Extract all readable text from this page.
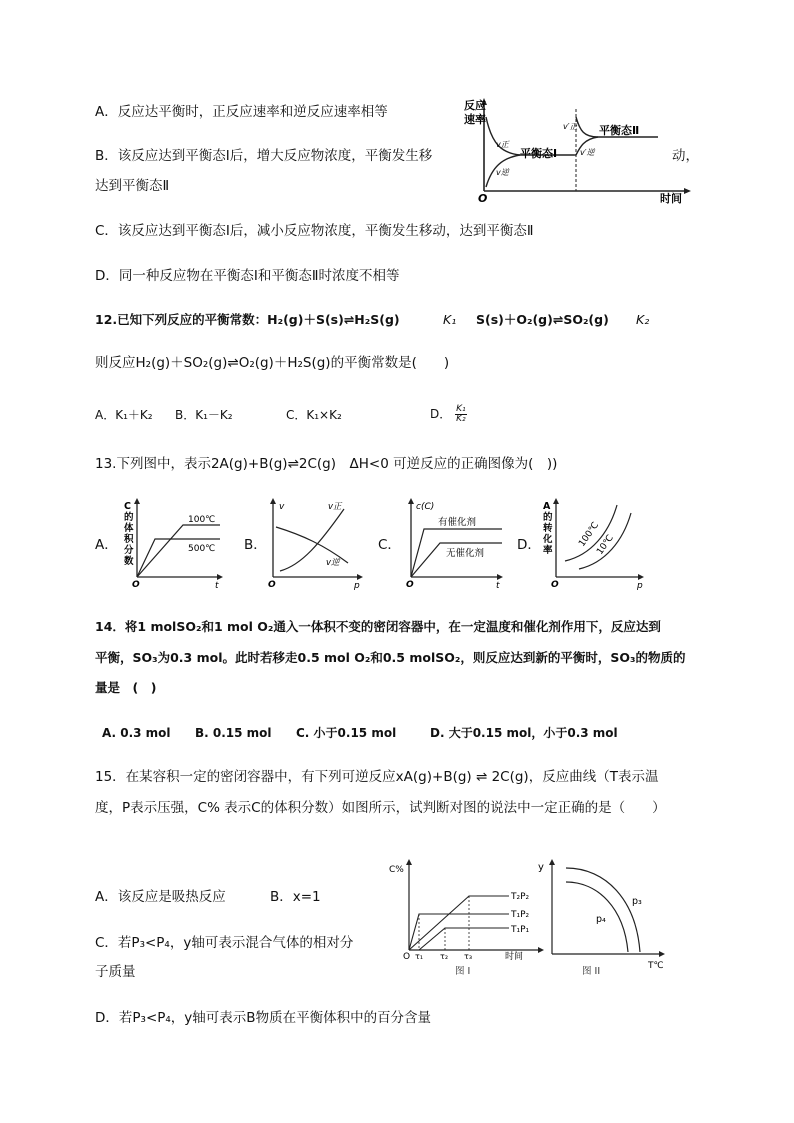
A．反应达平衡时，正反应速率和逆反应速率相等
B．该反应达到平衡态Ⅰ后，增大反应物浓度，平衡发生移	动，
达到平衡态Ⅱ
反应
速率
O	时间
平衡态Ⅰ
v正
v逆
v′正
v′逆
平衡态Ⅱ
C．该反应达到平衡态Ⅰ后，减小反应物浓度，平衡发生移动，达到平衡态Ⅱ
D．同一种反应物在平衡态Ⅰ和平衡态Ⅱ时浓度不相等
12.已知下列反应的平衡常数：H₂(g)＋S(s)⇌H₂S(g)	K₁ S(s)＋O₂(g)⇌SO₂(g) K₂
则反应H₂(g)＋SO₂(g)⇌O₂(g)＋H₂S(g)的平衡常数是(　　)
A．K₁＋K₂ B．K₁－K₂	C．K₁×K₂	D． $\frac{\text{K₁}}{\text{K₂}}$
13.下列图中，表示2A(g)+B(g)⇌2C(g)　ΔH<0 可逆反应的正确图像为(　))
A．
C
的
体
积
分
数
100℃
500℃
O	t
B．
v	v正
v逆
O	p
C．
c(C)
有催化剂
无催化剂
O	t
D．
A
的
转
化
率
100℃
10℃
O	p
14．将1 molSO₂和1 mol O₂通入一体积不变的密闭容器中，在一定温度和催化剂作用下，反应达到
平衡，SO₃为0.3 mol。此时若移走0.5 mol O₂和0.5 molSO₂，则反应达到新的平衡时，SO₃的物质的
量是　(　)
A. 0.3 mol B. 0.15 mol C. 小于0.15 mol	D. 大于0.15 mol，小于0.3 mol
15．在某容积一定的密闭容器中，有下列可逆反应xA(g)+B(g) ⇌ 2C(g)，反应曲线（T表示温
度，P表示压强，C% 表示C的体积分数）如图所示，试判断对图的说法中一定正确的是（　　）
A．该反应是吸热反应	B．x=1
C．若P₃<P₄，y轴可表示混合气体的相对分
子质量
D．若P₃<P₄，y轴可表示B物质在平衡体积中的百分含量
C%
T₂P₂
T₁P₂
T₁P₁
O τ₁ τ₂ τ₃	时间
图 I
y
p₃
p₄
T℃
图 II
